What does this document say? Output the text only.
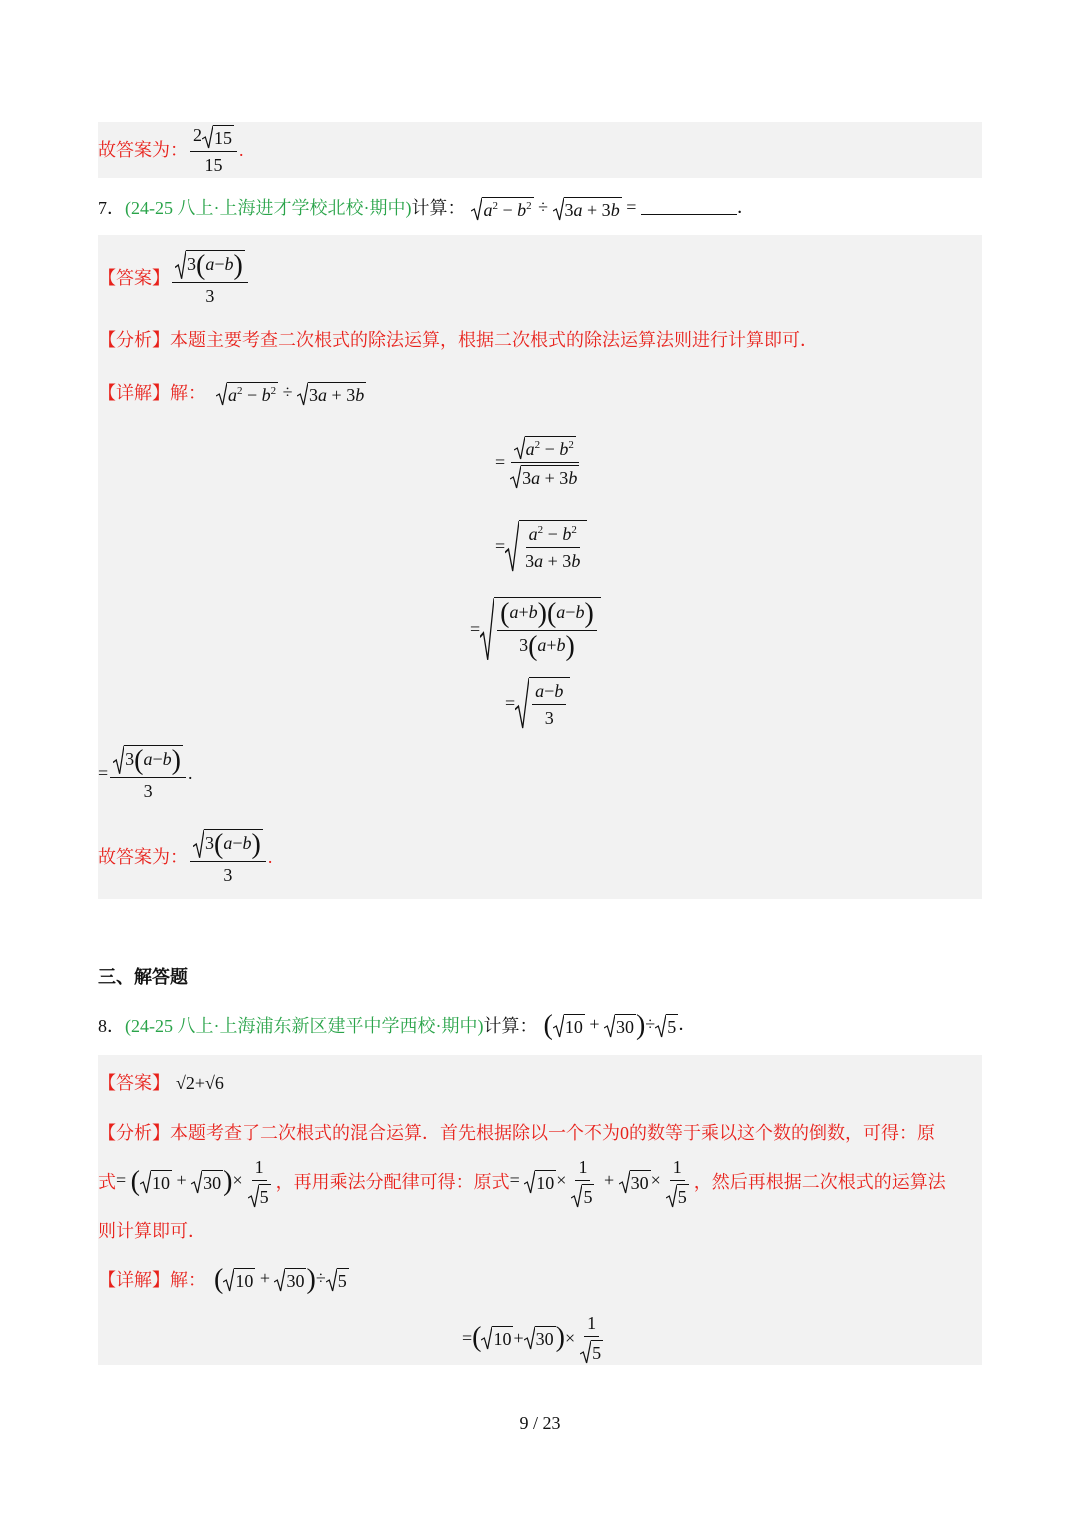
故答案为： $\frac{2 15}{15}$ .
7． (24-25 八上·上海进才学校北校·期中) 计算： $a^2 - b^2 \div 3a + 3b$ =	．
【答案】 $\frac{3(a-b)}{3}$
【分析】本题主要考查二次根式的除法运算，根据二次根式的除法运算法则进行计算即可．
【详解】 解： $a^2 - b^2 \div 3a + 3b$
= $\frac{a^2 - b^2}{3a + 3b}$
= $\frac{a^2 - b^2}{3a + 3b}$
= $\frac{(a+b)(a-b)}{3(a+b)}$
= $\frac{a-b}{3}$
= $\frac{3(a-b)}{3}$ .
故答案为： $\frac{3(a-b)}{3}$ .
三、解答题
8． (24-25 八上·上海浦东新区建平中学西校·期中) 计算： ( 10 + 30 )÷ 5 ．
【答案】 √2+√6
【分析】本题考查了二次根式的混合运算．首先根据除以一个不为0的数等于乘以这个数的倒数，可得：原
式 = ( 10 + 30 )× $\frac{1}{5}$ ，再用乘法分配律可得：原式 = $10 \times \frac{1}{5} + 30 \times \frac{1}{5}$ ，然后再根据二次根式的运算法
则计算即可．
【详解】 解： ( 10 + 30 )÷ 5
= ( 10 + 30 ) × $\frac{1}{5}$
9 / 23
